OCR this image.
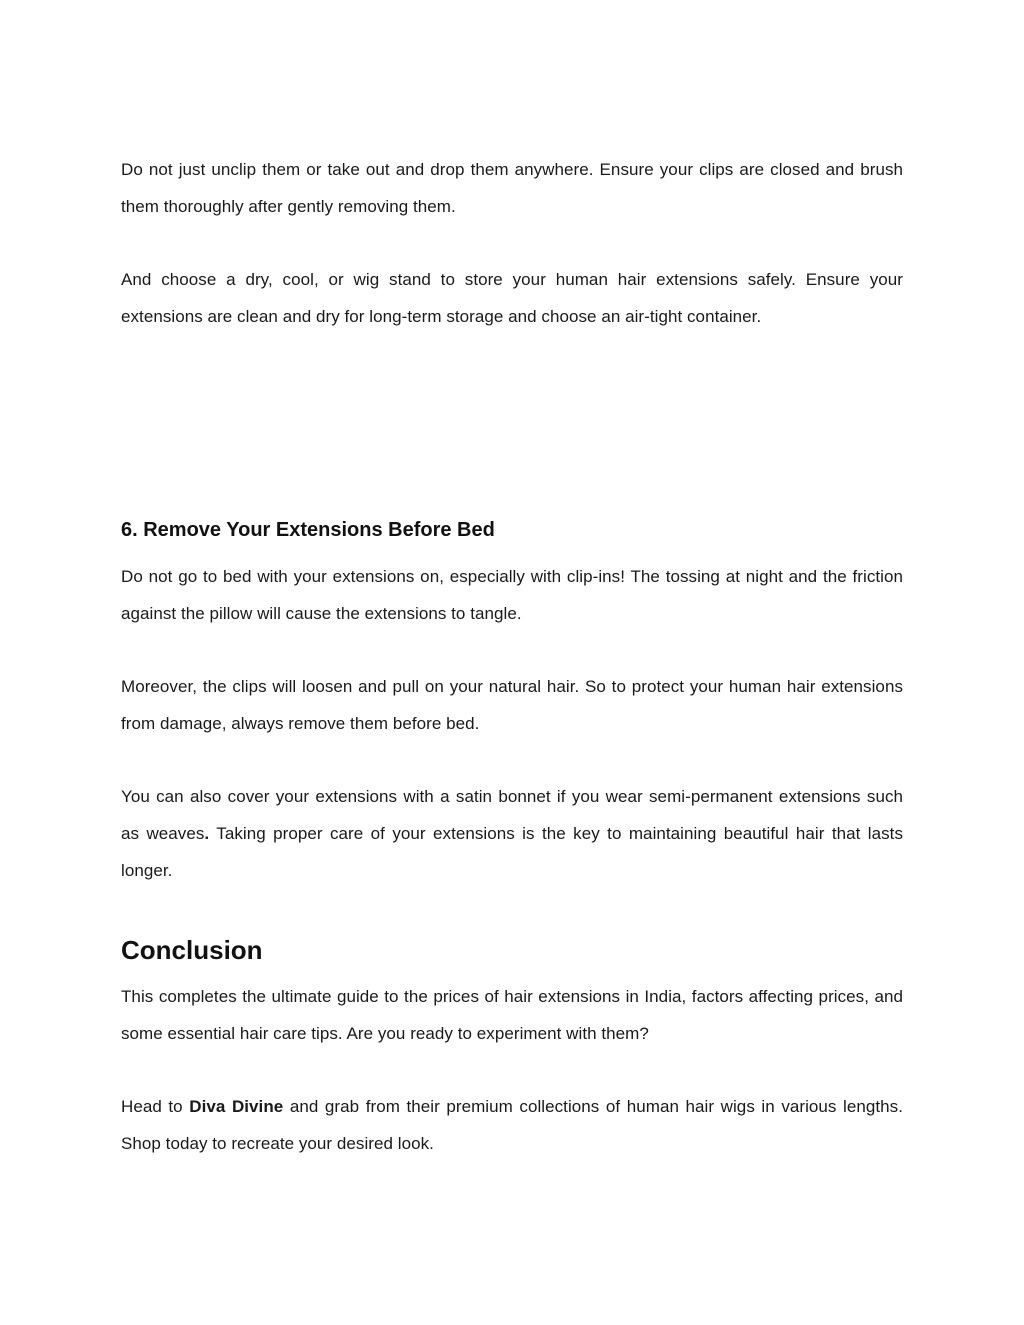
Do not just unclip them or take out and drop them anywhere. Ensure your clips are closed and brush them thoroughly after gently removing them.

And choose a dry, cool, or wig stand to store your human hair extensions safely. Ensure your extensions are clean and dry for long-term storage and choose an air-tight container.

6. Remove Your Extensions Before Bed

Do not go to bed with your extensions on, especially with clip-ins! The tossing at night and the friction against the pillow will cause the extensions to tangle.

Moreover, the clips will loosen and pull on your natural hair. So to protect your human hair extensions from damage, always remove them before bed.

You can also cover your extensions with a satin bonnet if you wear semi-permanent extensions such as weaves. Taking proper care of your extensions is the key to maintaining beautiful hair that lasts longer.

Conclusion

This completes the ultimate guide to the prices of hair extensions in India, factors affecting prices, and some essential hair care tips. Are you ready to experiment with them?

Head to Diva Divine and grab from their premium collections of human hair wigs in various lengths. Shop today to recreate your desired look.
